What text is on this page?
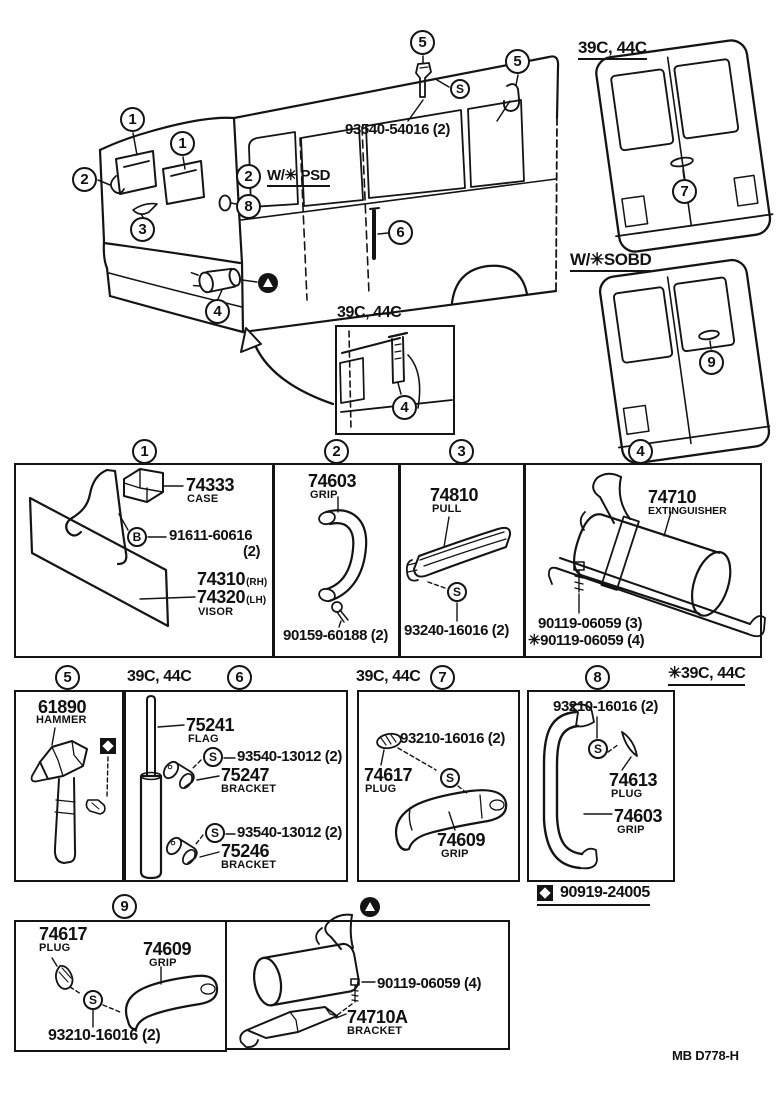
1
1
2	2
8
3	6
4
5
5
7
9
4
1	2	3	4
5	6	7	8
9
S
B
S
S
S
S
S
S
93540-54016 (2)
39C, 44C
W/✳ PSD
W/✳SOBD
39C, 44C
74333
CASE
91611-60616
(2)
74310(RH)
74320(LH)
VISOR
74603
GRIP
90159-60188 (2)
74810
PULL
93240-16016 (2)
74710
EXTINGUISHER
90119-06059 (3)
✳90119-06059 (4)
39C, 44C	39C, 44C	✳39C, 44C
61890
HAMMER	75241
FLAG
93540-13012 (2)
75247
BRACKET
93540-13012 (2)
75246
BRACKET
93210-16016 (2)
74617
PLUG
74609
GRIP
93210-16016 (2)
74613
PLUG
74603
GRIP
90919-24005
74617
PLUG	74609
GRIP
93210-16016 (2)
90119-06059 (4)
74710A
BRACKET
MB D778-H
